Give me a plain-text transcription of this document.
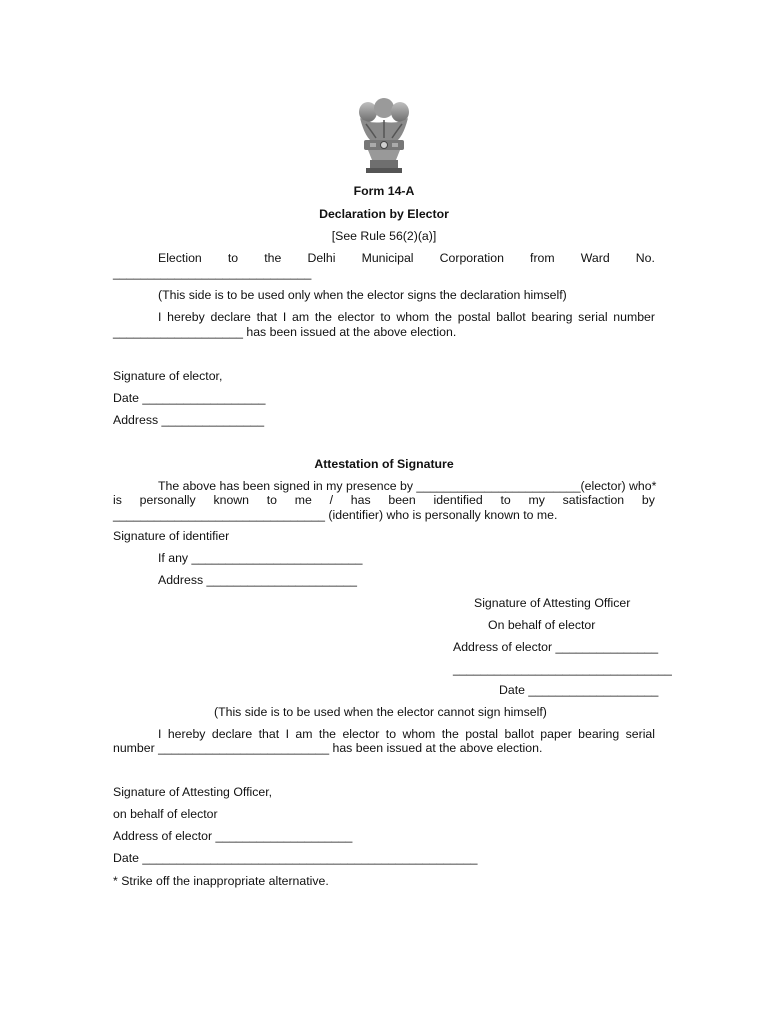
Form 14-A
Declaration by Elector
[See Rule 56(2)(a)]
Election to the Delhi Municipal Corporation from Ward No.
_____________________________
(This side is to be used only when the elector signs the declaration himself)
I hereby declare that I am the elector to whom the postal ballot bearing serial number
___________________ has been issued at the above election.
Signature of elector,
Date __________________
Address _______________
Attestation of Signature
The above has been signed in my presence by ________________________(elector) who*
is personally known to me / has been identified to my satisfaction by
_______________________________ (identifier) who is personally known to me.
Signature of identifier
If any _________________________
Address ______________________
Signature of Attesting Officer
On behalf of elector
Address of elector _______________
________________________________
Date ___________________
(This side is to be used when the elector cannot sign himself)
I hereby declare that I am the elector to whom the postal ballot paper bearing serial
number _________________________ has been issued at the above election.
Signature of Attesting Officer,
on behalf of elector
Address of elector ____________________
Date _________________________________________________
* Strike off the inappropriate alternative.
